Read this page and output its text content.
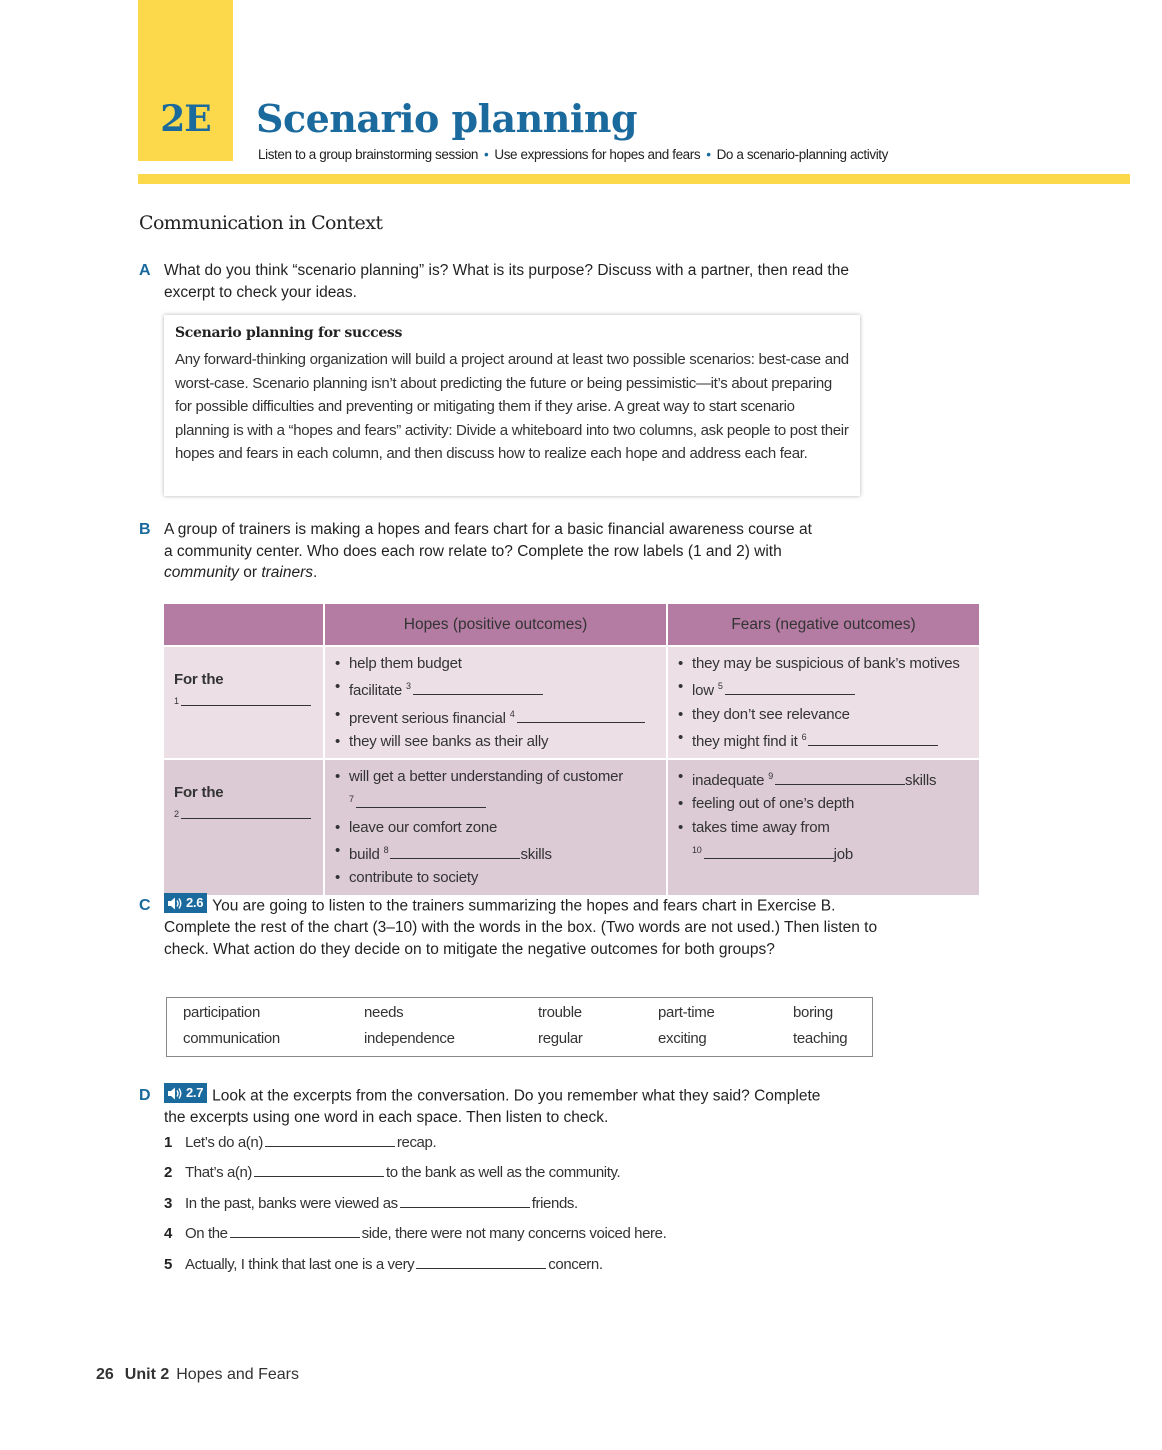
2E	Scenario planning
Listen to a group brainstorming session • Use expressions for hopes and fears • Do a scenario-planning activity
Communication in Context
A What do you think “scenario planning” is? What is its purpose? Discuss with a partner, then read the excerpt to check your ideas.
Scenario planning for success

Any forward-thinking organization will build a project around at least two possible scenarios: best-case and worst-case. Scenario planning isn’t about predicting the future or being pessimistic—it’s about preparing for possible difficulties and preventing or mitigating them if they arise. A great way to start scenario planning is with a “hopes and fears” activity: Divide a whiteboard into two columns, ask people to post their hopes and fears in each column, and then discuss how to realize each hope and address each fear.

B A group of trainers is making a hopes and fears chart for a basic financial awareness course at a community center. Who does each row relate to? Complete the row labels (1 and 2) with community or trainers.
	Hopes (positive outcomes)	Fears (negative outcomes)

For the
1

• help them budget
• facilitate $^3$
• prevent serious financial $^4$
• they will see banks as their ally

• they may be suspicious of bank’s motives
• low $^5$
• they don’t see relevance
• they might find it $^6$

For the
2

• will get a better understanding of customer
$^7$
• leave our comfort zone
• build $^8$	skills
• contribute to society

• inadequate $^9$	skills
• feeling out of one’s depth
• takes time away from
$^{10}$	job
C	2.6 You are going to listen to the trainers summarizing the hopes and fears chart in Exercise B. Complete the rest of the chart (3–10) with the words in the box. (Two words are not used.) Then listen to check. What action do they decide on to mitigate the negative outcomes for both groups?
participation	needs	trouble	part-time	boring
communication	independence	regular	exciting	teaching
D	2.7 Look at the excerpts from the conversation. Do you remember what they said? Complete the excerpts using one word in each space. Then listen to check.
1 Let’s do a(n)	recap.
2 That’s a(n)	to the bank as well as the community.
3 In the past, banks were viewed as	friends.
4 On the	side, there were not many concerns voiced here.
5 Actually, I think that last one is a very	concern.
26 Unit 2 Hopes and Fears
